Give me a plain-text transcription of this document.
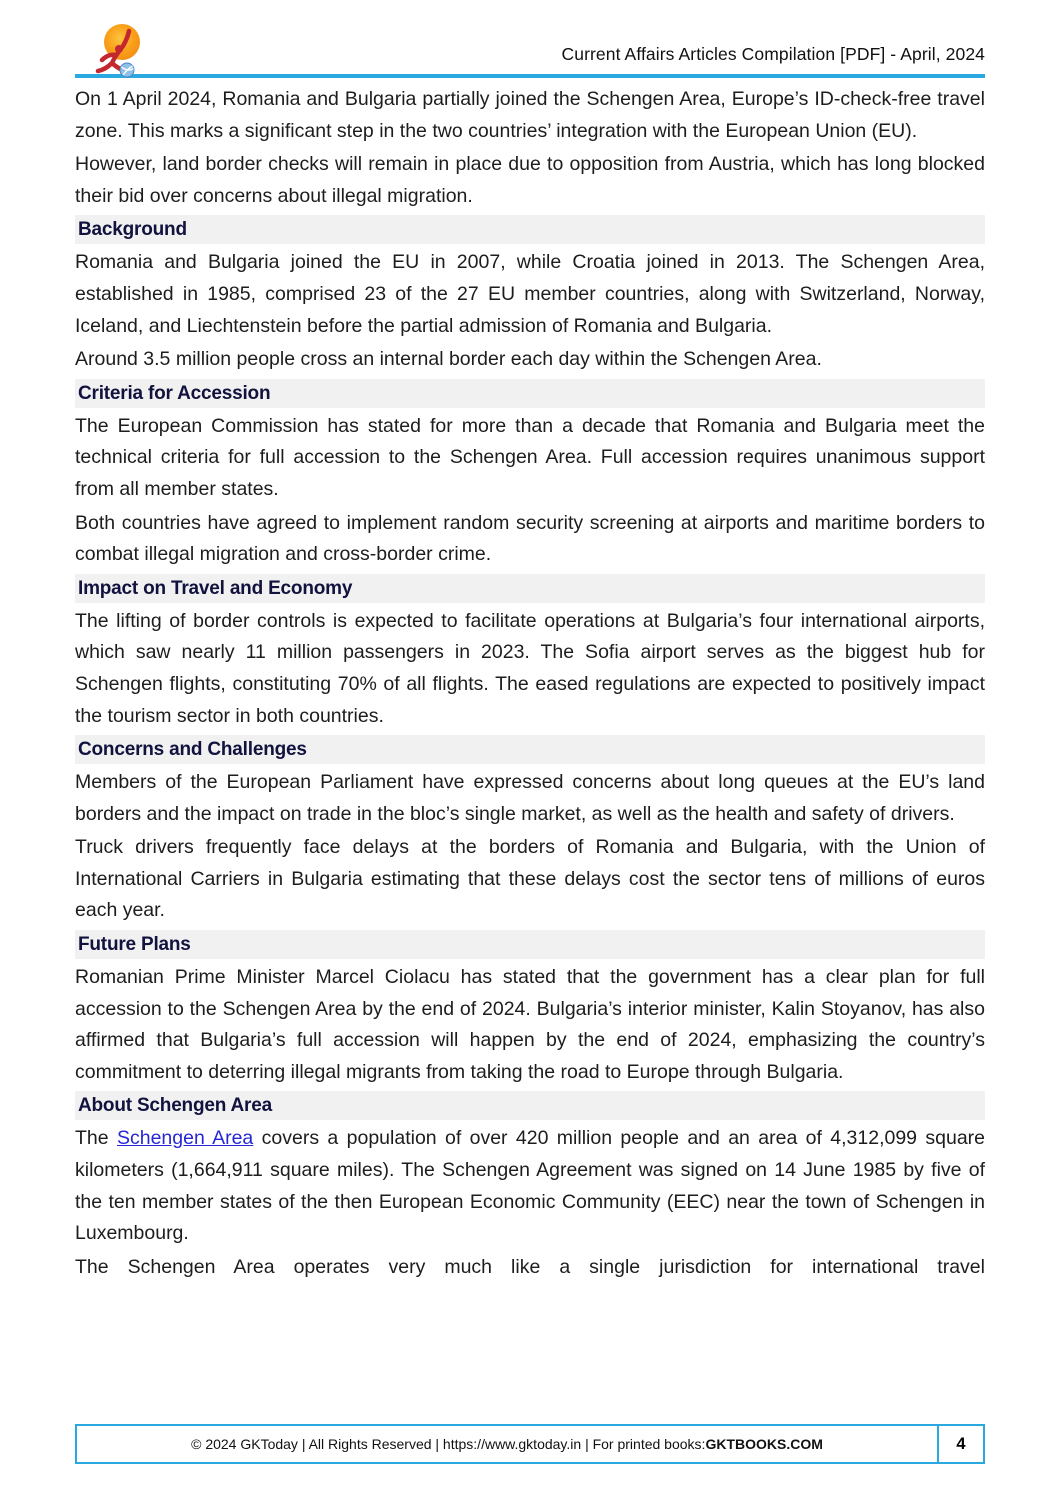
Current Affairs Articles Compilation [PDF] - April, 2024

On 1 April 2024, Romania and Bulgaria partially joined the Schengen Area, Europe’s ID-check-free travel zone. This marks a significant step in the two countries’ integration with the European Union (EU).

However, land border checks will remain in place due to opposition from Austria, which has long blocked their bid over concerns about illegal migration.

Background

Romania and Bulgaria joined the EU in 2007, while Croatia joined in 2013. The Schengen Area, established in 1985, comprised 23 of the 27 EU member countries, along with Switzerland, Norway, Iceland, and Liechtenstein before the partial admission of Romania and Bulgaria.

Around 3.5 million people cross an internal border each day within the Schengen Area.

Criteria for Accession

The European Commission has stated for more than a decade that Romania and Bulgaria meet the technical criteria for full accession to the Schengen Area. Full accession requires unanimous support from all member states.

Both countries have agreed to implement random security screening at airports and maritime borders to combat illegal migration and cross-border crime.

Impact on Travel and Economy

The lifting of border controls is expected to facilitate operations at Bulgaria’s four international airports, which saw nearly 11 million passengers in 2023. The Sofia airport serves as the biggest hub for Schengen flights, constituting 70% of all flights. The eased regulations are expected to positively impact the tourism sector in both countries.

Concerns and Challenges

Members of the European Parliament have expressed concerns about long queues at the EU’s land borders and the impact on trade in the bloc’s single market, as well as the health and safety of drivers.

Truck drivers frequently face delays at the borders of Romania and Bulgaria, with the Union of International Carriers in Bulgaria estimating that these delays cost the sector tens of millions of euros each year.

Future Plans

Romanian Prime Minister Marcel Ciolacu has stated that the government has a clear plan for full accession to the Schengen Area by the end of 2024. Bulgaria’s interior minister, Kalin Stoyanov, has also affirmed that Bulgaria’s full accession will happen by the end of 2024, emphasizing the country’s commitment to deterring illegal migrants from taking the road to Europe through Bulgaria.

About Schengen Area

The Schengen Area covers a population of over 420 million people and an area of 4,312,099 square kilometers (1,664,911 square miles). The Schengen Agreement was signed on 14 June 1985 by five of the ten member states of the then European Economic Community (EEC) near the town of Schengen in Luxembourg.

The Schengen Area operates very much like a single jurisdiction for international travel

© 2024 GKToday | All Rights Reserved | https://www.gktoday.in | For printed books: GKTBOOKS.COM	4
